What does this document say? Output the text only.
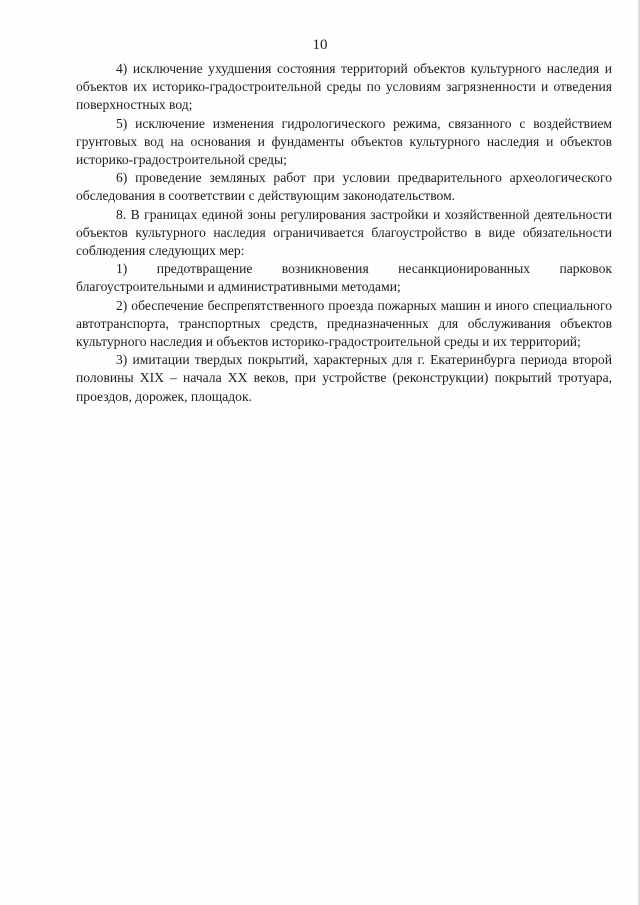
10

4) исключение ухудшения состояния территорий объектов культурного наследия и объектов их историко-градостроительной среды по условиям загрязненности и отведения поверхностных вод;

5) исключение изменения гидрологического режима, связанного с воздействием грунтовых вод на основания и фундаменты объектов культурного наследия и объектов историко-градостроительной среды;

6) проведение земляных работ при условии предварительного археологического обследования в соответствии с действующим законодательством.

8. В границах единой зоны регулирования застройки и хозяйственной деятельности объектов культурного наследия ограничивается благоустройство в виде обязательности соблюдения следующих мер:

1) предотвращение возникновения несанкционированных парковок благоустроительными и административными методами;

2) обеспечение беспрепятственного проезда пожарных машин и иного специального автотранспорта, транспортных средств, предназначенных для обслуживания объектов культурного наследия и объектов историко-градостроительной среды и их территорий;

3) имитации твердых покрытий, характерных для г. Екатеринбурга периода второй половины XIX – начала XX веков, при устройстве (реконструкции) покрытий тротуара, проездов, дорожек, площадок.
